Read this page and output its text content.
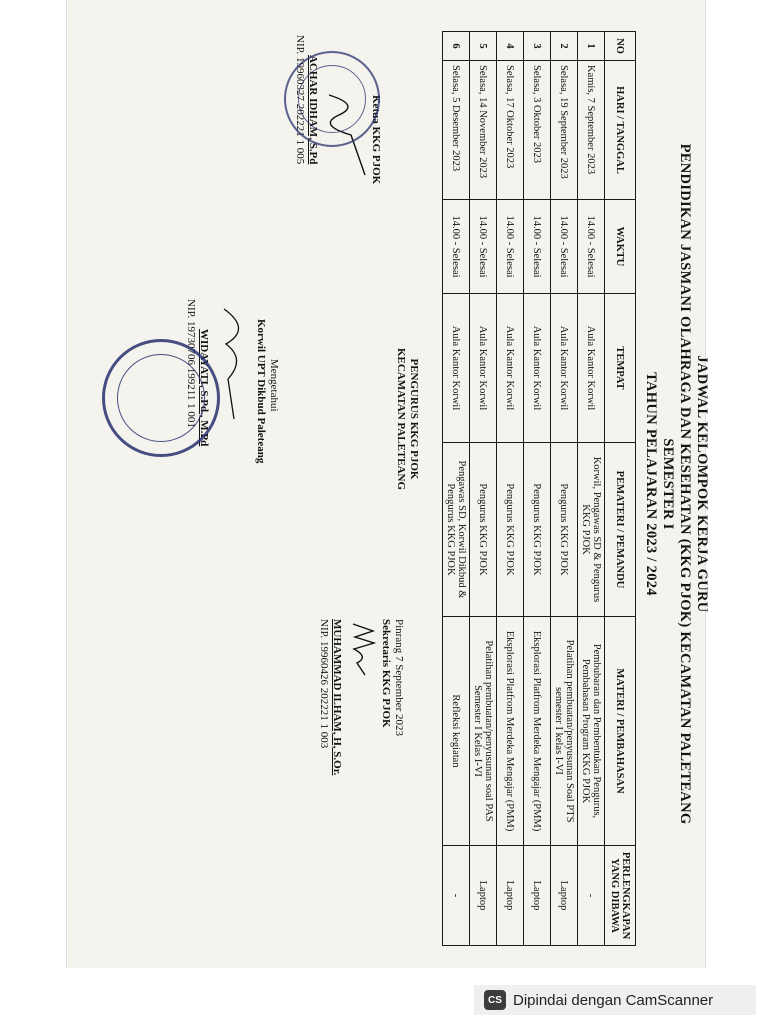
JADWAL KELOMPOK KERJA GURU
PENDIDIKAN JASMANI OLAHRAGA DAN KESEHATAN (KKG PJOK) KECAMATAN PALETEANG
SEMESTER I
TAHUN PELAJARAN 2023 / 2024
NO	HARI / TANGGAL	WAKTU	TEMPAT	PEMATERI / PEMANDU	MATERI / PEMBAHASAN	PERLENGKAPAN YANG DIBAWA
1	Kamis, 7 September 2023	14.00 - Selesai	Aula Kantor Korwil	Korwil, Pengawas SD & Pengurus KKG PJOK	Pembubaran dan Pembentukan Pengurus, Pembahasan Program KKG PJOK	-
2	Selasa, 19 September 2023	14.00 - Selesai	Aula Kantor Korwil	Pengurus KKG PJOK	Pelatihan pembuatan/penyusunan Soal PTS semester I kelas I-VI	Laptop
3	Selasa, 3 Oktober 2023	14.00 - Selesai	Aula Kantor Korwil	Pengurus KKG PJOK	Eksplorasi Platfrom Merdeka Mengajar (PMM)	Laptop
4	Selasa, 17 Oktober 2023	14.00 - Selesai	Aula Kantor Korwil	Pengurus KKG PJOK	Eksplorasi Platfrom Merdeka Mengajar (PMM)	Laptop
5	Selasa, 14 November 2023	14.00 - Selesai	Aula Kantor Korwil	Pengurus KKG PJOK	Pelatihan pembuatan/penyusunan soal PAS Semester I Kelas I-VI	Laptop
6	Selasa, 5 Desember 2023	14.00 - Selesai	Aula Kantor Korwil	Pengawas SD, Korwil Dikbud & Pengurus KKG PJOK	Refleksi kegiatan	-
PENGURUS KKG PJOK
KECAMATAN PALETEANG
Pinrang 7 September 2023
Sekretaris KKG PJOK
MUHAMMAD ILHAM, H, S.Or.
NIP. 19960426 202221 1 003
Ketua KKG PJOK
ACHAR IDHAM, S.Pd
NIP. 19960327 202221 1 005
Mengetahui
Korwil UPT Dikbud Paleteang
WIDAYATI, S.Pd., M.Pd
NIP. 19730706 199211 1 001
CS Dipindai dengan CamScanner
